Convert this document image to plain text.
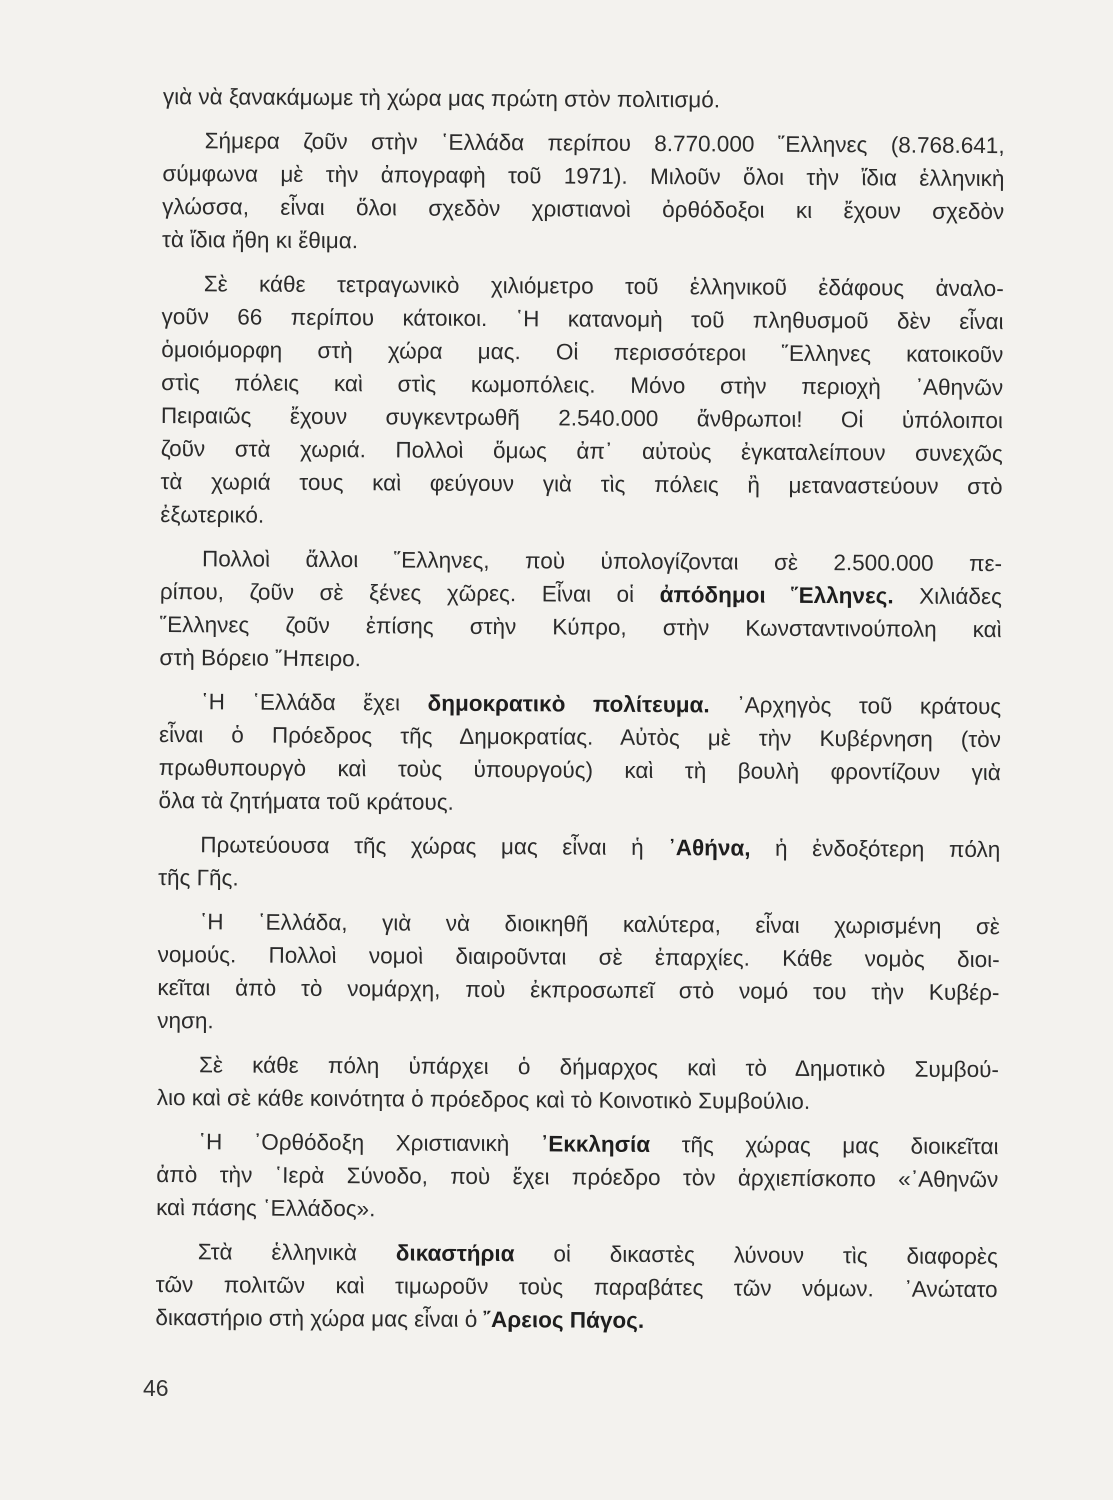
γιὰ νὰ ξανακάμωμε τὴ χώρα μας πρώτη στὸν πολιτισμό.
Σήμερα ζοῦν στὴν ῾Ελλάδα περίπου 8.770.000 ῞Ελληνες (8.768.641,
σύμφωνα μὲ τὴν ἀπογραφὴ τοῦ 1971). Μιλοῦν ὅλοι τὴν ἴδια ἑλληνικὴ
γλώσσα, εἶναι ὅλοι σχεδὸν χριστιανοὶ ὀρθόδοξοι κι ἔχουν σχεδὸν
τὰ ἴδια ἤθη κι ἔθιμα.
Σὲ κάθε τετραγωνικὸ χιλιόμετρο τοῦ ἑλληνικοῦ ἐδάφους ἀναλο-
γοῦν 66 περίπου κάτοικοι. ῾Η κατανομὴ τοῦ πληθυσμοῦ δὲν εἶναι
ὁμοιόμορφη στὴ χώρα μας. Οἱ περισσότεροι ῞Ελληνες κατοικοῦν
στὶς πόλεις καὶ στὶς κωμοπόλεις. Μόνο στὴν περιοχὴ ᾿Αθηνῶν
Πειραιῶς ἔχουν συγκεντρωθῆ 2.540.000 ἄνθρωποι! Οἱ ὑπόλοιποι
ζοῦν στὰ χωριά. Πολλοὶ ὅμως ἀπ᾿ αὐτοὺς ἐγκαταλείπουν συνεχῶς
τὰ χωριά τους καὶ φεύγουν γιὰ τὶς πόλεις ἢ μεταναστεύουν στὸ
ἐξωτερικό.
Πολλοὶ ἄλλοι ῞Ελληνες, ποὺ ὑπολογίζονται σὲ 2.500.000 πε-
ρίπου, ζοῦν σὲ ξένες χῶρες. Εἶναι οἱ ἀπόδημοι ῞Ελληνες. Χιλιάδες
῞Ελληνες ζοῦν ἐπίσης στὴν Κύπρο, στὴν Κωνσταντινούπολη καὶ
στὴ Βόρειο ῎Ηπειρο.
῾Η ῾Ελλάδα ἔχει δημοκρατικὸ πολίτευμα. ᾿Αρχηγὸς τοῦ κράτους
εἶναι ὁ Πρόεδρος τῆς Δημοκρατίας. Αὐτὸς μὲ τὴν Κυβέρνηση (τὸν
πρωθυπουργὸ καὶ τοὺς ὑπουργούς) καὶ τὴ βουλὴ φροντίζουν γιὰ
ὅλα τὰ ζητήματα τοῦ κράτους.
Πρωτεύουσα τῆς χώρας μας εἶναι ἡ ᾿Αθήνα, ἡ ἐνδοξότερη πόλη
τῆς Γῆς.
῾Η ῾Ελλάδα, γιὰ νὰ διοικηθῆ καλύτερα, εἶναι χωρισμένη σὲ
νομούς. Πολλοὶ νομοὶ διαιροῦνται σὲ ἐπαρχίες. Κάθε νομὸς διοι-
κεῖται ἀπὸ τὸ νομάρχη, ποὺ ἐκπροσωπεῖ στὸ νομό του τὴν Κυβέρ-
νηση.
Σὲ κάθε πόλη ὑπάρχει ὁ δήμαρχος καὶ τὸ Δημοτικὸ Συμβού-
λιο καὶ σὲ κάθε κοινότητα ὁ πρόεδρος καὶ τὸ Κοινοτικὸ Συμβούλιο.
῾Η ᾿Ορθόδοξη Χριστιανικὴ ᾿Εκκλησία τῆς χώρας μας διοικεῖται
ἀπὸ τὴν ῾Ιερὰ Σύνοδο, ποὺ ἔχει πρόεδρο τὸν ἀρχιεπίσκοπο «᾿Αθηνῶν
καὶ πάσης ῾Ελλάδος».
Στὰ ἑλληνικὰ δικαστήρια οἱ δικαστὲς λύνουν τὶς διαφορὲς
τῶν πολιτῶν καὶ τιμωροῦν τοὺς παραβάτες τῶν νόμων. ᾿Ανώτατο
δικαστήριο στὴ χώρα μας εἶναι ὁ ῎Αρειος Πάγος.
46
